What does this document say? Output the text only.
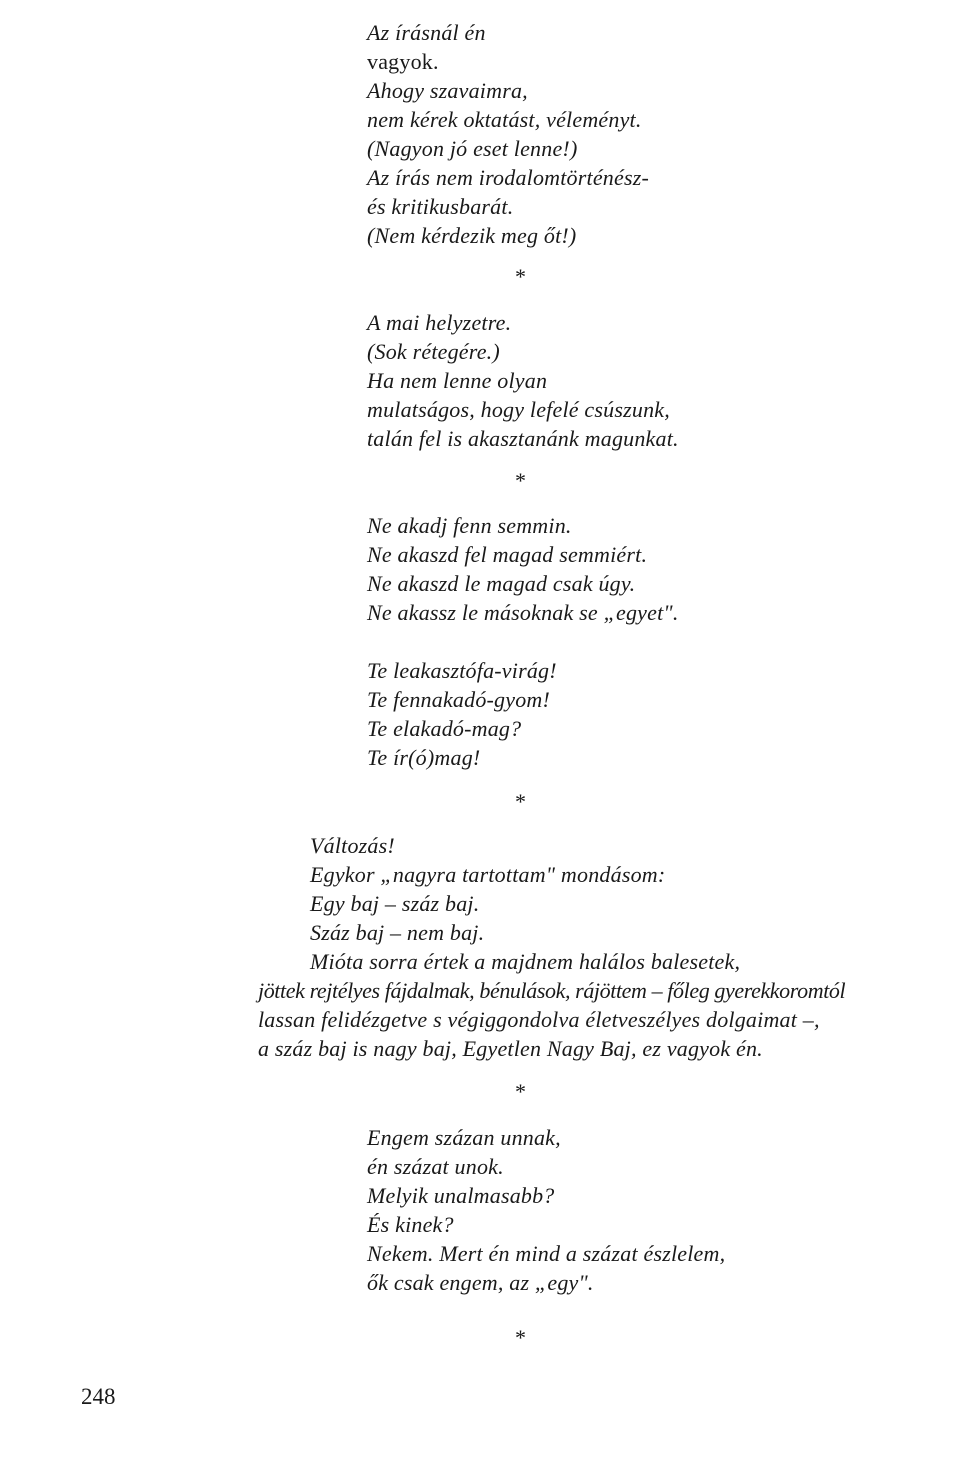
Az írásnál én
vagyok.
Ahogy szavaimra,
nem kérek oktatást, véleményt.
(Nagyon jó eset lenne!)
Az írás nem irodalomtörténész-
és kritikusbarát.
(Nem kérdezik meg őt!)
*
A mai helyzetre.
(Sok rétegére.)
Ha nem lenne olyan
mulatságos, hogy lefelé csúszunk,
talán fel is akasztanánk magunkat.
*
Ne akadj fenn semmin.
Ne akaszd fel magad semmiért.
Ne akaszd le magad csak úgy.
Ne akassz le másoknak se „egyet".
Te leakasztófa-virág!
Te fennakadó-gyom!
Te elakadó-mag?
Te ír(ó)mag!
*
Változás!
Egykor „nagyra tartottam" mondásom:
Egy baj – száz baj.
Száz baj – nem baj.
Mióta sorra értek a majdnem halálos balesetek,
jöttek rejtélyes fájdalmak, bénulások, rájöttem – főleg gyerekkoromtól
lassan felidézgetve s végiggondolva életveszélyes dolgaimat –,
a száz baj is nagy baj, Egyetlen Nagy Baj, ez vagyok én.
*
Engem százan unnak,
én százat unok.
Melyik unalmasabb?
És kinek?
Nekem. Mert én mind a százat észlelem,
ők csak engem, az „egy".
*
248
